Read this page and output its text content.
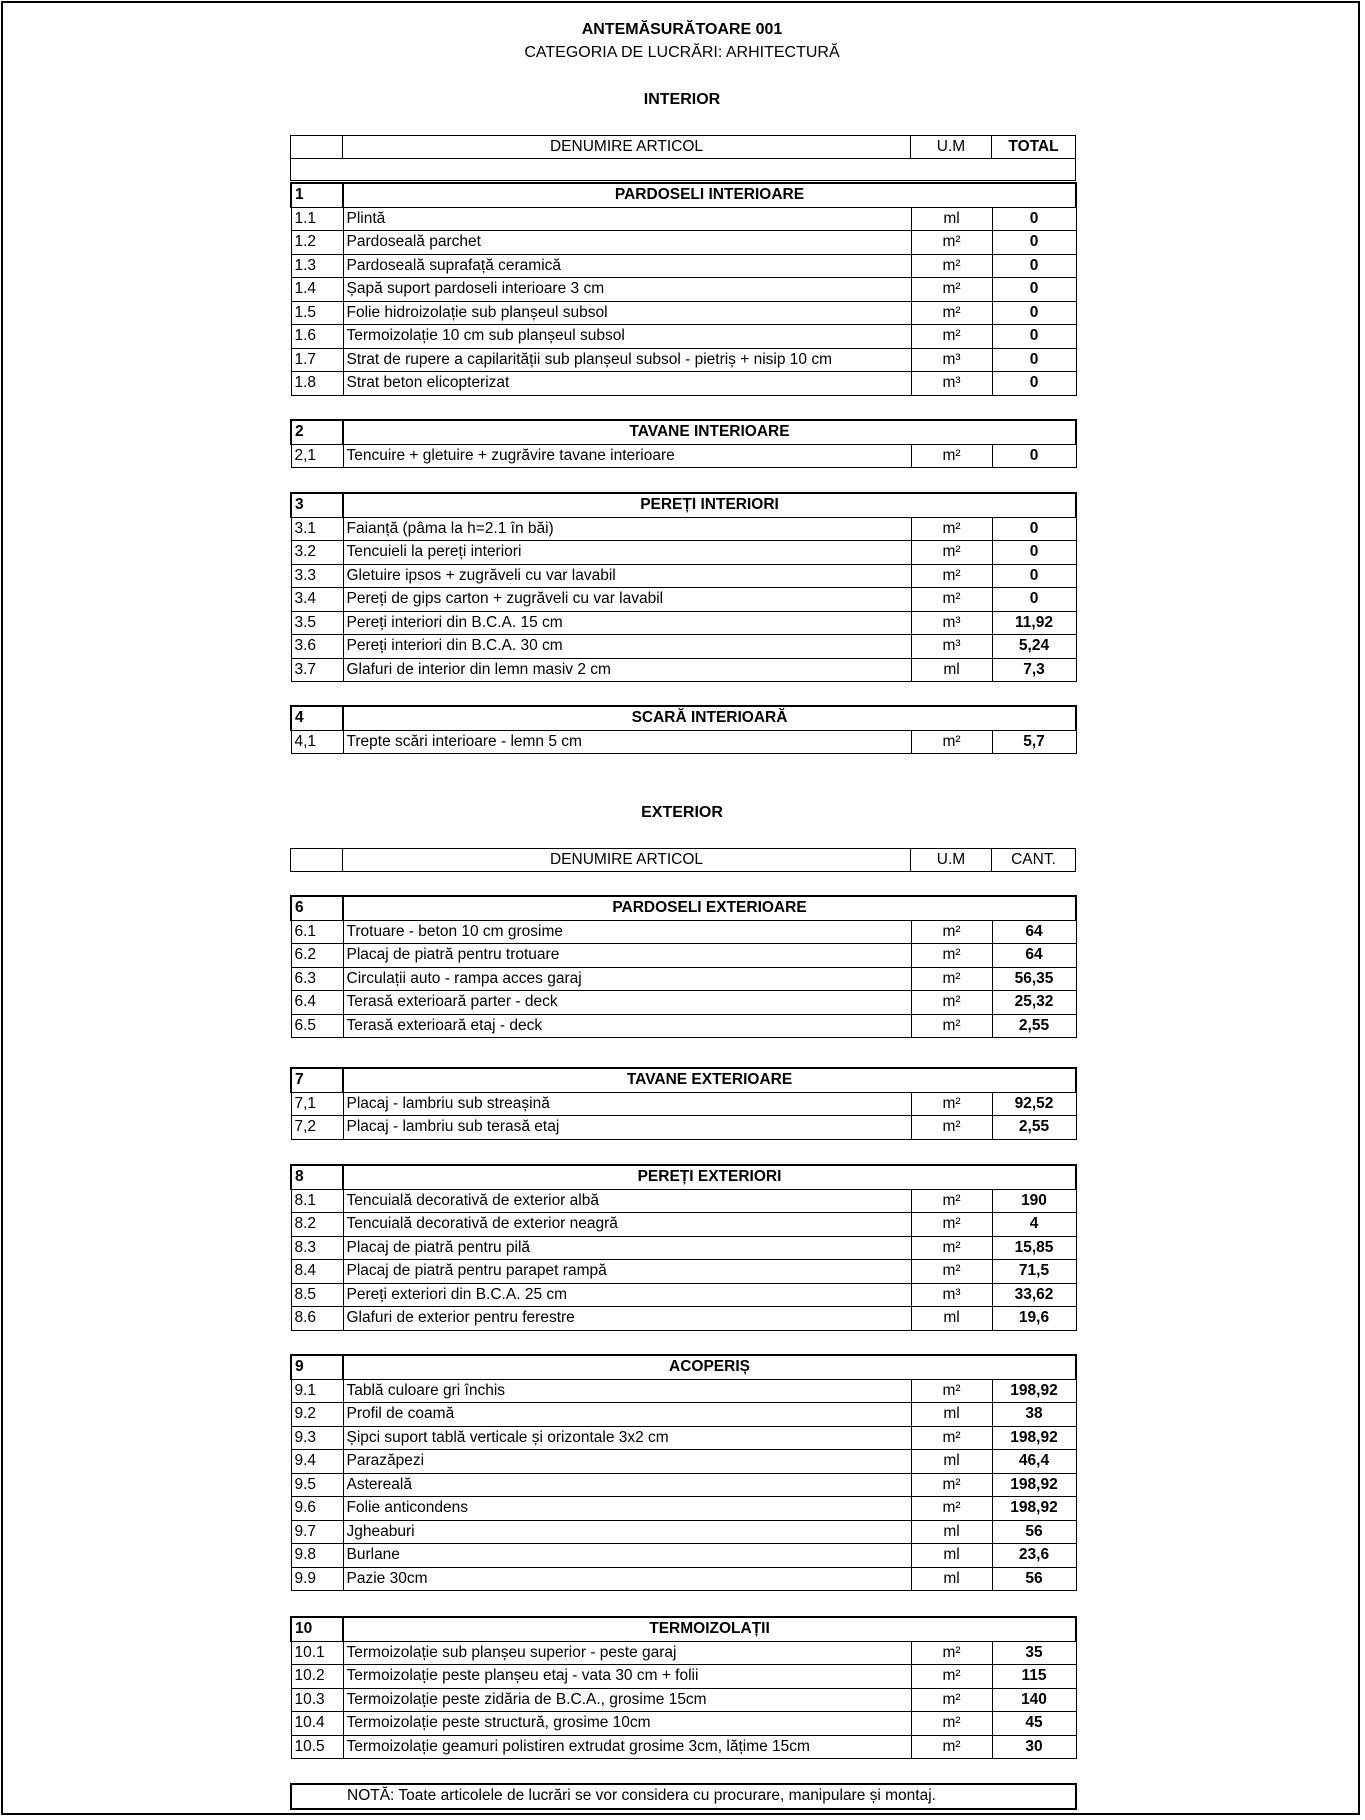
ANTEMĂSURĂTOARE 001
CATEGORIA DE LUCRĂRI: ARHITECTURĂ
INTERIOR
	DENUMIRE ARTICOL	U.M	TOTAL
1	PARDOSELI INTERIOARE		
1.1	Plintă	ml	0
1.2	Pardoseală parchet	m²	0
1.3	Pardoseală suprafață ceramică	m²	0
1.4	Șapă suport pardoseli interioare 3 cm	m²	0
1.5	Folie hidroizolație sub planșeul subsol	m²	0
1.6	Termoizolație 10 cm sub planșeul subsol	m²	0
1.7	Strat de rupere a capilarității sub planșeul subsol - pietriș + nisip 10 cm	m³	0
1.8	Strat beton elicopterizat	m³	0
2	TAVANE INTERIOARE		
2,1	Tencuire + gletuire + zugrăvire tavane interioare	m²	0
3	PEREȚI INTERIORI		
3.1	Faianță (pâma la h=2.1 în băi)	m²	0
3.2	Tencuieli la pereți interiori	m²	0
3.3	Gletuire ipsos + zugrăveli cu var lavabil	m²	0
3.4	Pereți de gips carton + zugrăveli cu var lavabil	m²	0
3.5	Pereți interiori din B.C.A. 15 cm	m³	11,92
3.6	Pereți interiori din B.C.A. 30 cm	m³	5,24
3.7	Glafuri de interior din lemn masiv 2 cm	ml	7,3
4	SCARĂ INTERIOARĂ		
4,1	Trepte scări interioare - lemn 5 cm	m²	5,7
EXTERIOR
	DENUMIRE ARTICOL	U.M	CANT.
6	PARDOSELI EXTERIOARE		
6.1	Trotuare - beton 10 cm grosime	m²	64
6.2	Placaj de piatră pentru trotuare	m²	64
6.3	Circulații auto - rampa acces garaj	m²	56,35
6.4	Terasă exterioară parter - deck	m²	25,32
6.5	Terasă exterioară etaj - deck	m²	2,55
7	TAVANE EXTERIOARE		
7,1	Placaj - lambriu sub streașină	m²	92,52
7,2	Placaj - lambriu sub terasă etaj	m²	2,55
8	PEREȚI EXTERIORI		
8.1	Tencuială decorativă de exterior albă	m²	190
8.2	Tencuială decorativă de exterior neagră	m²	4
8.3	Placaj de piatră pentru pilă	m²	15,85
8.4	Placaj de piatră pentru parapet rampă	m²	71,5
8.5	Pereți exteriori din B.C.A. 25 cm	m³	33,62
8.6	Glafuri de exterior pentru ferestre	ml	19,6
9	ACOPERIȘ		
9.1	Tablă culoare gri închis	m²	198,92
9.2	Profil de coamă	ml	38
9.3	Șipci suport tablă verticale și orizontale 3x2 cm	m²	198,92
9.4	Parazăpezi	ml	46,4
9.5	Astereală	m²	198,92
9.6	Folie anticondens	m²	198,92
9.7	Jgheaburi	ml	56
9.8	Burlane	ml	23,6
9.9	Pazie 30cm	ml	56
10	TERMOIZOLAȚII		
10.1	Termoizolație sub planșeu superior - peste garaj	m²	35
10.2	Termoizolație peste planșeu etaj - vata 30 cm + folii	m²	115
10.3	Termoizolație peste zidăria de B.C.A., grosime 15cm	m²	140
10.4	Termoizolație peste structură, grosime 10cm	m²	45
10.5	Termoizolație geamuri polistiren extrudat grosime 3cm, lățime 15cm	m²	30
NOTĂ: Toate articolele de lucrări se vor considera cu procurare, manipulare și montaj.
